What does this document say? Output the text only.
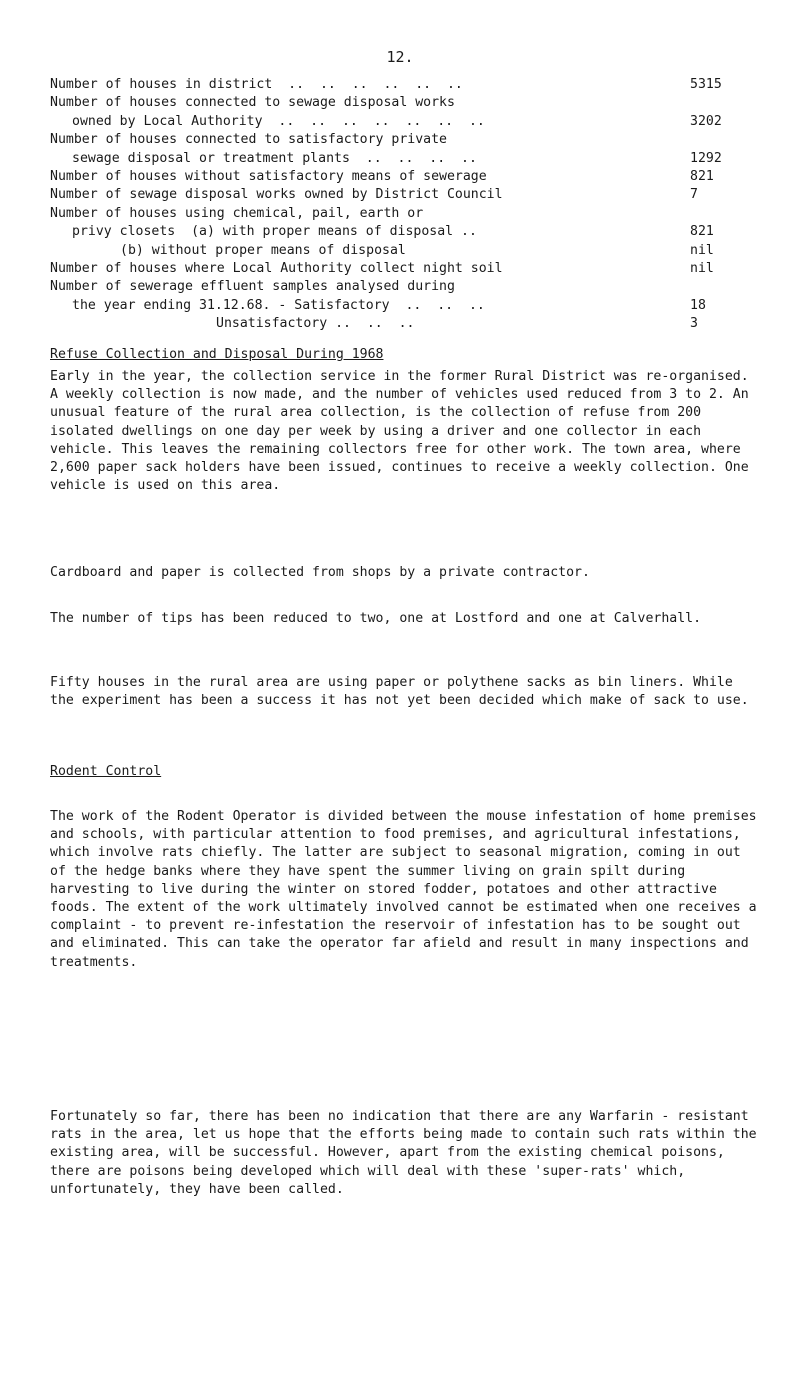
12.
Number of houses in district  ..  ..  ..  ..  ..  ..	5315
Number of houses connected to sewage disposal works
owned by Local Authority  ..  ..  ..  ..  ..  ..  ..	3202
Number of houses connected to satisfactory private
sewage disposal or treatment plants  ..  ..  ..  ..	1292
Number of houses without satisfactory means of sewerage	821
Number of sewage disposal works owned by District Council	7
Number of houses using chemical, pail, earth or
privy closets  (a) with proper means of disposal ..	821
(b) without proper means of disposal	nil
Number of houses where Local Authority collect night soil	nil
Number of sewerage effluent samples analysed during
the year ending 31.12.68. - Satisfactory  ..  ..  ..	18
Unsatisfactory ..  ..  ..	3
Refuse Collection and Disposal During 1968

Early in the year, the collection service in the former Rural District was re-organised. A weekly collection is now made, and the number of vehicles used reduced from 3 to 2. An unusual feature of the rural area collection, is the collection of refuse from 200 isolated dwellings on one day per week by using a driver and one collector in each vehicle. This leaves the remaining collectors free for other work. The town area, where 2,600 paper sack holders have been issued, continues to receive a weekly collection. One vehicle is used on this area.

Cardboard and paper is collected from shops by a private contractor.

The number of tips has been reduced to two, one at Lostford and one at Calverhall.

Fifty houses in the rural area are using paper or polythene sacks as bin liners. While the experiment has been a success it has not yet been decided which make of sack to use.

Rodent Control

The work of the Rodent Operator is divided between the mouse infestation of home premises and schools, with particular attention to food premises, and agricultural infestations, which involve rats chiefly. The latter are subject to seasonal migration, coming in out of the hedge banks where they have spent the summer living on grain spilt during harvesting to live during the winter on stored fodder, potatoes and other attractive foods. The extent of the work ultimately involved cannot be estimated when one receives a complaint - to prevent re-infestation the reservoir of infestation has to be sought out and eliminated. This can take the operator far afield and result in many inspections and treatments.

Fortunately so far, there has been no indication that there are any Warfarin - resistant rats in the area, let us hope that the efforts being made to contain such rats within the existing area, will be successful. However, apart from the existing chemical poisons, there are poisons being developed which will deal with these 'super-rats' which, unfortunately, they have been called.
